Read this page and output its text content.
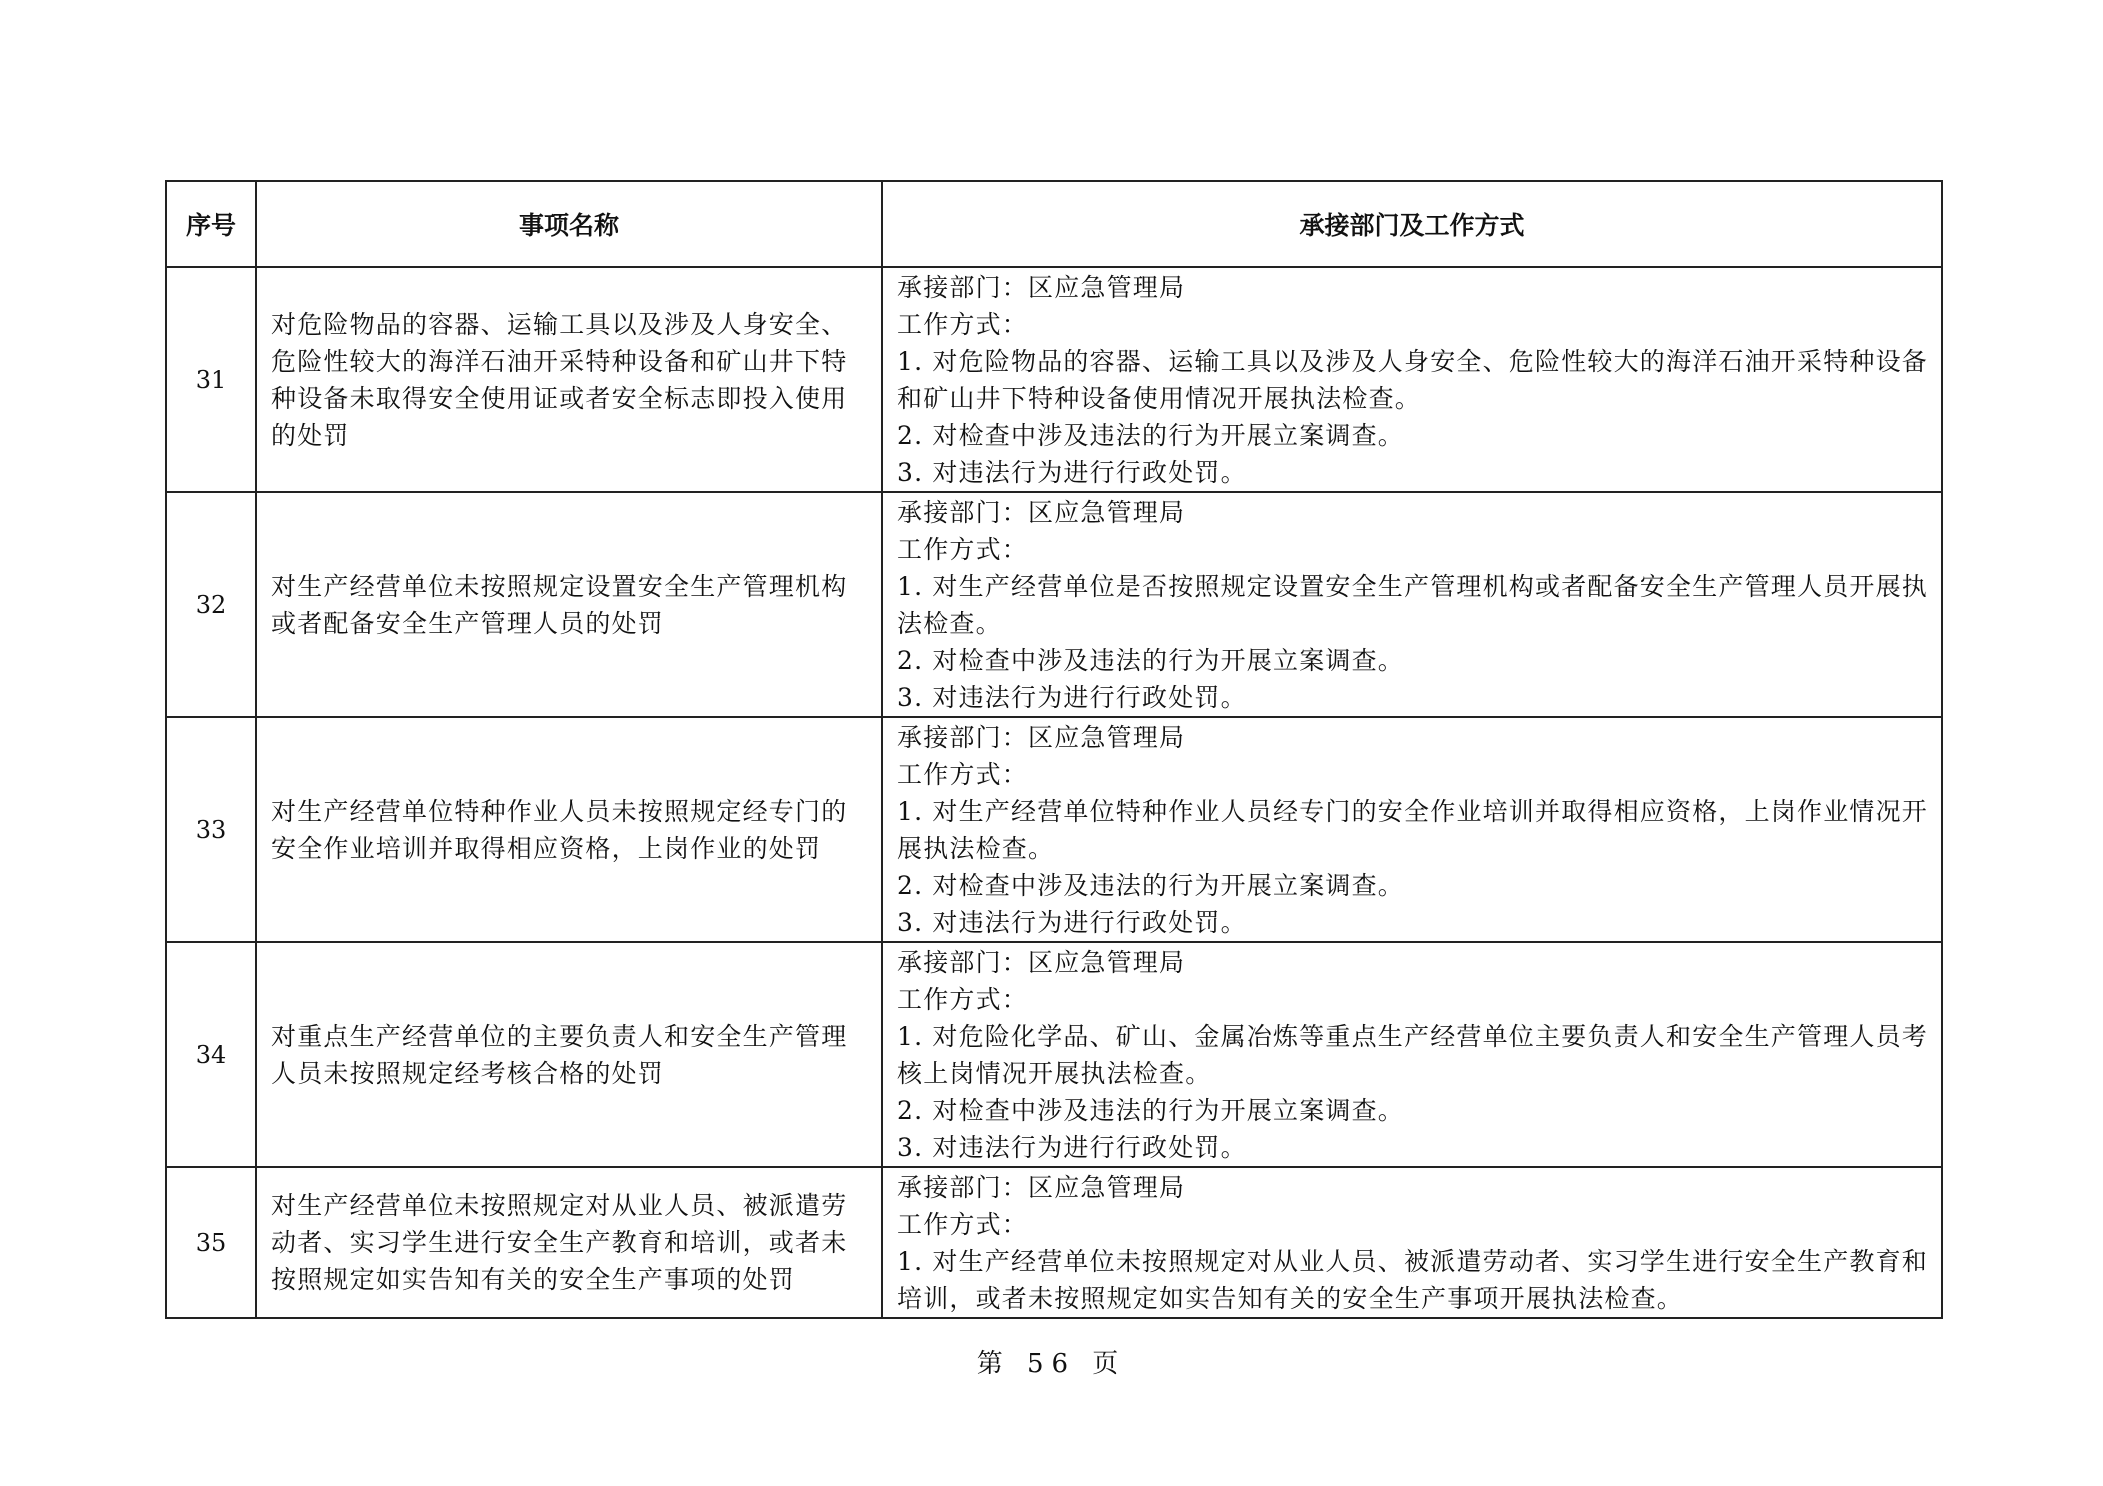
序号	事项名称	承接部门及工作方式
31	对危险物品的容器、运输工具以及涉及人身安全、危险性较大的海洋石油开采特种设备和矿山井下特种设备未取得安全使用证或者安全标志即投入使用的处罚	承接部门：区应急管理局
工作方式：
1. 对危险物品的容器、运输工具以及涉及人身安全、危险性较大的海洋石油开采特种设备和矿山井下特种设备使用情况开展执法检查。
2. 对检查中涉及违法的行为开展立案调查。
3. 对违法行为进行行政处罚。

32	对生产经营单位未按照规定设置安全生产管理机构或者配备安全生产管理人员的处罚	承接部门：区应急管理局
工作方式：
1. 对生产经营单位是否按照规定设置安全生产管理机构或者配备安全生产管理人员开展执法检查。
2. 对检查中涉及违法的行为开展立案调查。
3. 对违法行为进行行政处罚。

33	对生产经营单位特种作业人员未按照规定经专门的安全作业培训并取得相应资格，上岗作业的处罚	承接部门：区应急管理局
工作方式：
1. 对生产经营单位特种作业人员经专门的安全作业培训并取得相应资格，上岗作业情况开展执法检查。
2. 对检查中涉及违法的行为开展立案调查。
3. 对违法行为进行行政处罚。

34	对重点生产经营单位的主要负责人和安全生产管理人员未按照规定经考核合格的处罚	承接部门：区应急管理局
工作方式：
1. 对危险化学品、矿山、金属冶炼等重点生产经营单位主要负责人和安全生产管理人员考核上岗情况开展执法检查。
2. 对检查中涉及违法的行为开展立案调查。
3. 对违法行为进行行政处罚。

35	对生产经营单位未按照规定对从业人员、被派遣劳动者、实习学生进行安全生产教育和培训，或者未按照规定如实告知有关的安全生产事项的处罚	承接部门：区应急管理局
工作方式：
1. 对生产经营单位未按照规定对从业人员、被派遣劳动者、实习学生进行安全生产教育和培训，或者未按照规定如实告知有关的安全生产事项开展执法检查。
第 56 页
